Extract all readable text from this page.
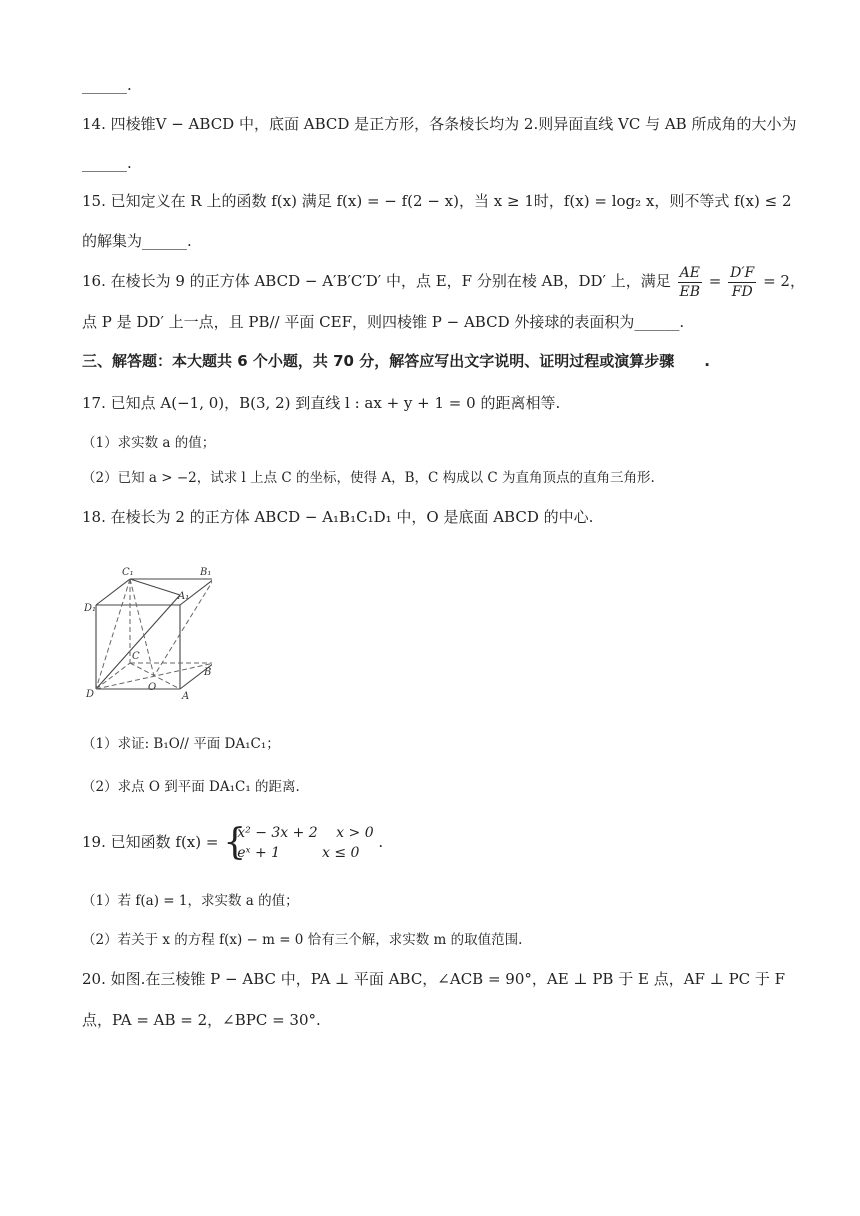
______.
14. 四棱锥V − ABCD 中，底面 ABCD 是正方形，各条棱长均为 2.则异面直线 VC 与 AB 所成角的大小为
______.
15. 已知定义在 R 上的函数 f(x) 满足 f(x) = − f(2 − x)，当 x ≥ 1时，f(x) = log₂ x，则不等式 f(x) ≤ 2
的解集为______.
16. 在棱长为 9 的正方体 ABCD − A′B′C′D′ 中，点 E，F 分别在棱 AB，DD′ 上，满足 $\frac{AE}{EB} = \frac{D'F}{FD} = 2$，
点 P 是 DD′ 上一点，且 PB// 平面 CEF，则四棱锥 P − ABCD 外接球的表面积为______.
三、解答题：本大题共 6 个小题，共 70 分，解答应写出文字说明、证明过程或演算步骤　　.
17. 已知点 A(−1, 0)，B(3, 2) 到直线 l : ax + y + 1 = 0 的距离相等.
（1）求实数 a 的值；
（2）已知 a > −2，试求 l 上点 C 的坐标，使得 A，B，C 构成以 C 为直角顶点的直角三角形.
18. 在棱长为 2 的正方体 ABCD − A₁B₁C₁D₁ 中，O 是底面 ABCD 的中心.
C₁	B₁
D₁
A₁
C
B
D
O
A
（1）求证: B₁O// 平面 DA₁C₁；
（2）求点 O 到平面 DA₁C₁ 的距离.
19. 已知函数 f(x) = {
x² − 3x + 2　 x > 0
eˣ + 1　　　x ≤ 0
.
（1）若 f(a) = 1，求实数 a 的值；
（2）若关于 x 的方程 f(x) − m = 0 恰有三个解，求实数 m 的取值范围.
20. 如图.在三棱锥 P − ABC 中，PA ⊥ 平面 ABC，∠ACB = 90°，AE ⊥ PB 于 E 点，AF ⊥ PC 于 F
点，PA = AB = 2，∠BPC = 30°.
